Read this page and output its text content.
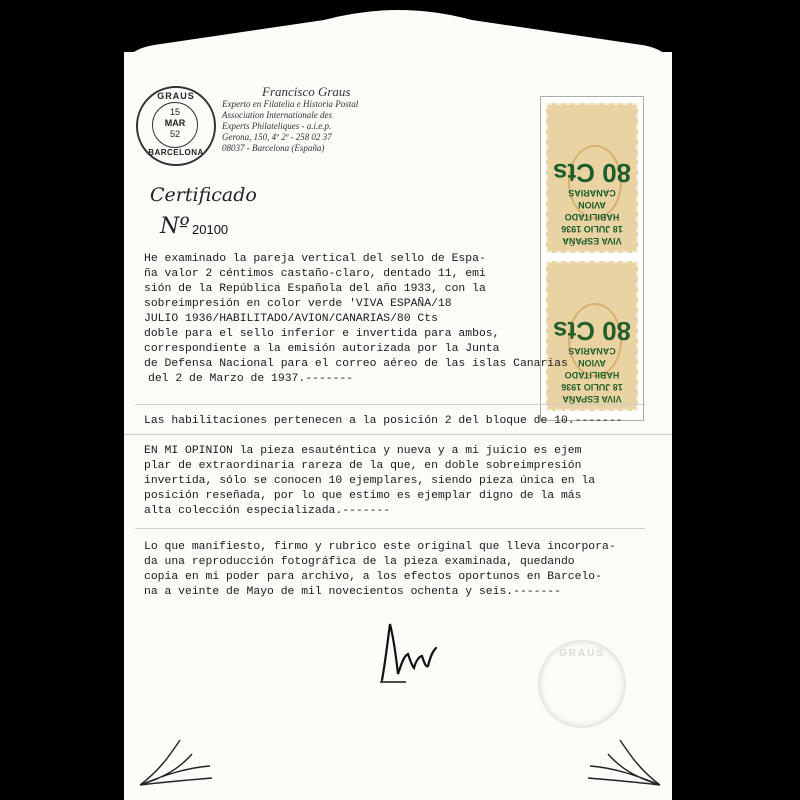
GRAUS
15
MAR
52
BARCELONA
Francisco Graus
Experto en Filatelia e Historia Postal
Association Internationale des
Experts Philateliques - a.i.e.p.
Gerona, 150, 4º 2ª - 258 02 37
08037 - Barcelona (España)
Certificado
Nº 20100
VIVA ESPAÑA
18 JULIO 1936
HABILITADO
AVION
CANARIAS
80 Cts
VIVA ESPAÑA
18 JULIO 1936
HABILITADO
AVION
CANARIAS
80 Cts
He examinado la pareja vertical del sello de Espa-
ña valor 2 céntimos castaño-claro, dentado 11, emi
sión de la República Española del año 1933, con la
sobreimpresión en color verde 'VIVA ESPAÑA/18
JULIO 1936/HABILITADO/AVION/CANARIAS/80 Cts
doble para el sello inferior e invertida para ambos,
correspondiente a la emisión autorizada por la Junta
de Defensa Nacional para el correo aéreo de las islas Canarias
del 2 de Marzo de 1937.-------
Las habilitaciones pertenecen a la posición 2 del bloque de 10.-------
EN MI OPINION la pieza esauténtica y nueva y a mi juicio es ejem
plar de extraordinaria rareza de la que, en doble sobreimpresión
invertida, sólo se conocen 10 ejemplares, siendo pieza única en la
posición reseñada, por lo que estimo es ejemplar digno de la más
alta colección especializada.-------
Lo que manifiesto, firmo y rubrico este original que lleva incorpora-
da una reproducción fotográfica de la pieza examinada, quedando
copia en mi poder para archivo, a los efectos oportunos en Barcelo-
na a veinte de Mayo de mil novecientos ochenta y seis.-------
GRAUS
